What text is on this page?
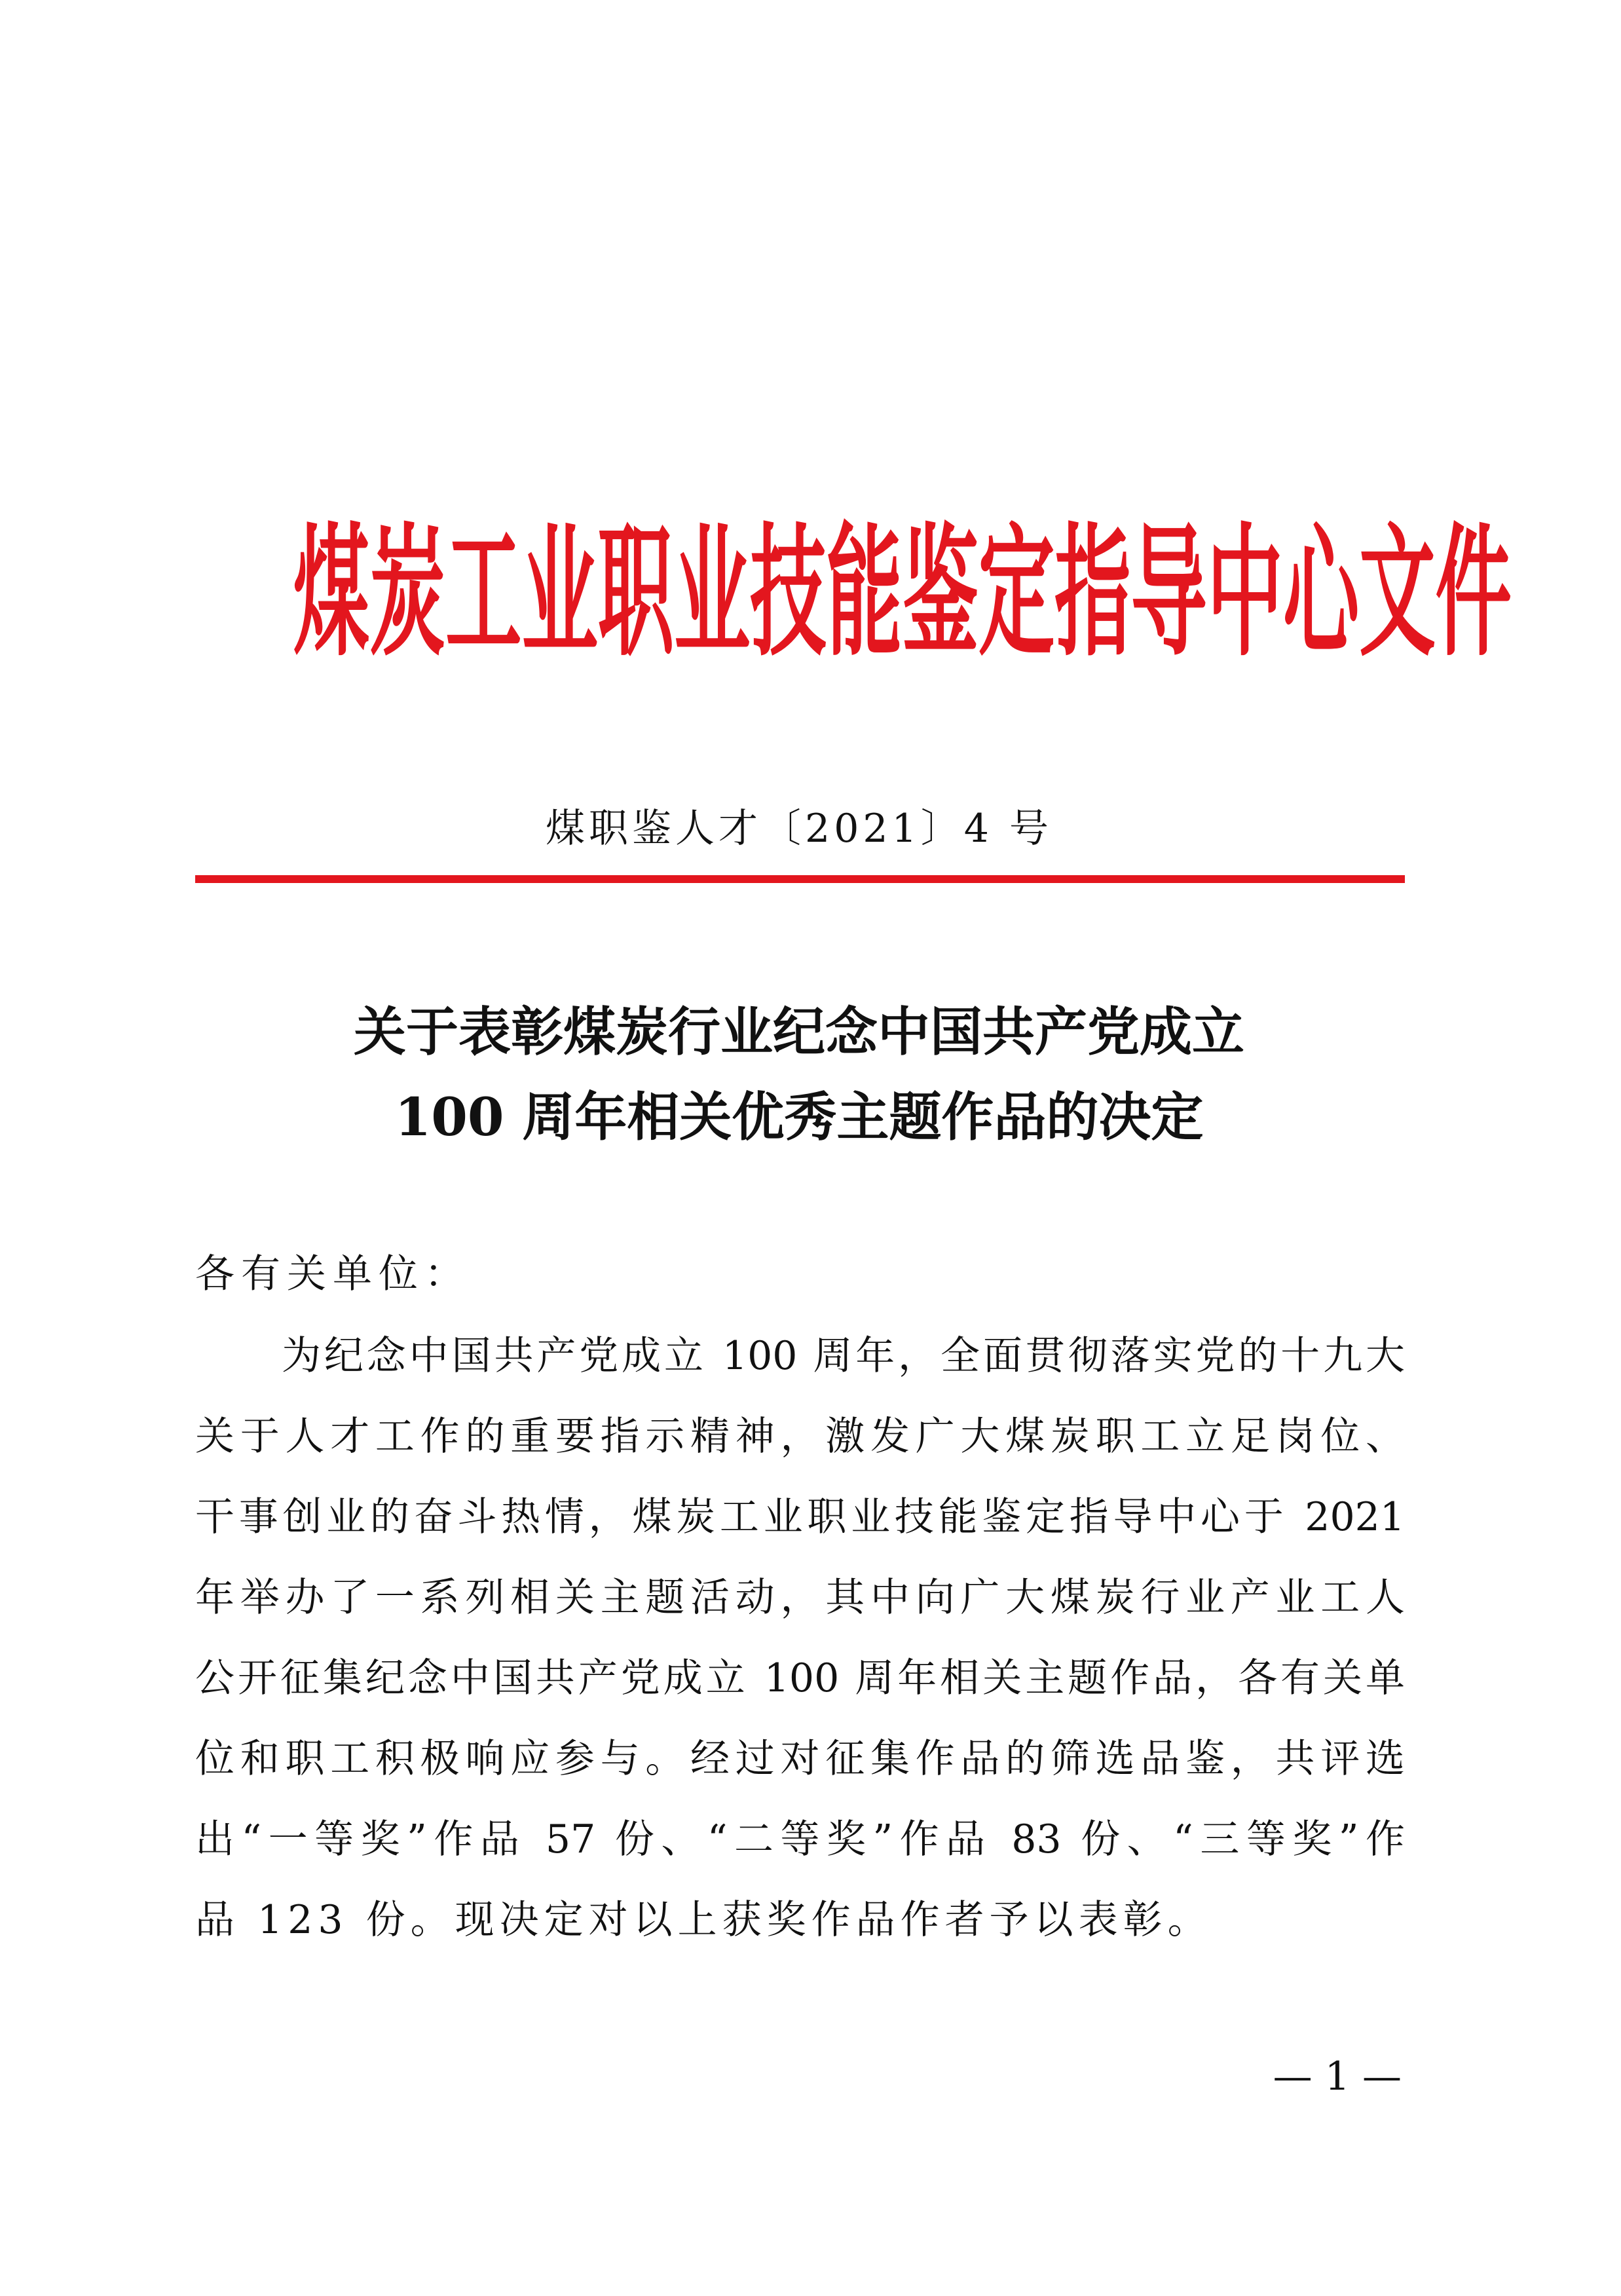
煤炭工业职业技能鉴定指导中心文件
煤职鉴人才〔2021〕4 号
关于表彰煤炭行业纪念中国共产党成立
100 周年相关优秀主题作品的决定
各有关单位：
为纪念中国共产党成立 100 周年，全面贯彻落实党的十九大
关于人才工作的重要指示精神，激发广大煤炭职工立足岗位、
干事创业的奋斗热情，煤炭工业职业技能鉴定指导中心于 2021
年举办了一系列相关主题活动，其中向广大煤炭行业产业工人
公开征集纪念中国共产党成立 100 周年相关主题作品，各有关单
位和职工积极响应参与。经过对征集作品的筛选品鉴，共评选
出“一等奖”作品 57 份、“二等奖”作品 83 份、“三等奖”作
品 123 份。现决定对以上获奖作品作者予以表彰。
— 1 —
